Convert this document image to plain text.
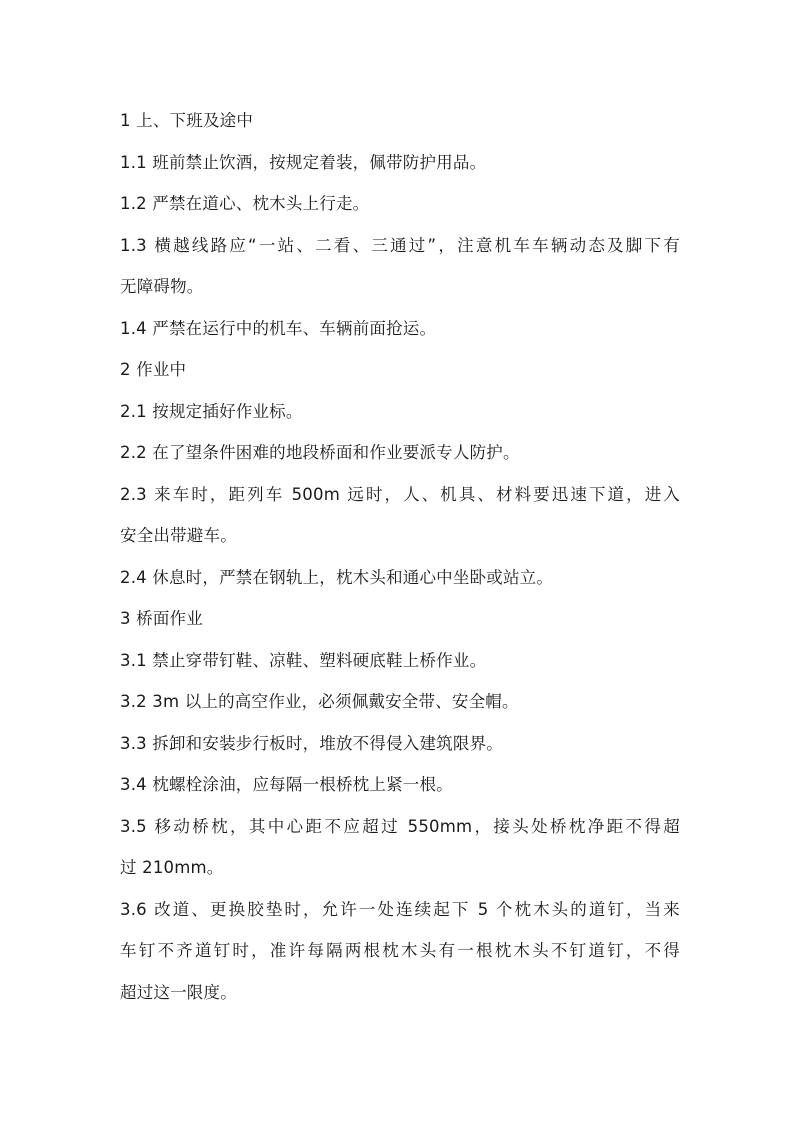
1 上、下班及途中
1.1 班前禁止饮酒，按规定着装，佩带防护用品。
1.2 严禁在道心、枕木头上行走。
1.3 横越线路应“一站、二看、三通过”，注意机车车辆动态及脚下有
无障碍物。
1.4 严禁在运行中的机车、车辆前面抢运。
2 作业中
2.1 按规定插好作业标。
2.2 在了望条件困难的地段桥面和作业要派专人防护。
2.3 来车时，距列车 500m 远时，人、机具、材料要迅速下道，进入
安全出带避车。
2.4 休息时，严禁在钢轨上，枕木头和通心中坐卧或站立。
3 桥面作业
3.1 禁止穿带钉鞋、凉鞋、塑料硬底鞋上桥作业。
3.2 3m 以上的高空作业，必须佩戴安全带、安全帽。
3.3 拆卸和安装步行板时，堆放不得侵入建筑限界。
3.4 枕螺栓涂油，应每隔一根桥枕上紧一根。
3.5 移动桥枕，其中心距不应超过 550mm，接头处桥枕净距不得超
过 210mm。
3.6 改道、更换胶垫时，允许一处连续起下 5 个枕木头的道钉，当来
车钉不齐道钉时，准许每隔两根枕木头有一根枕木头不钉道钉，不得
超过这一限度。
